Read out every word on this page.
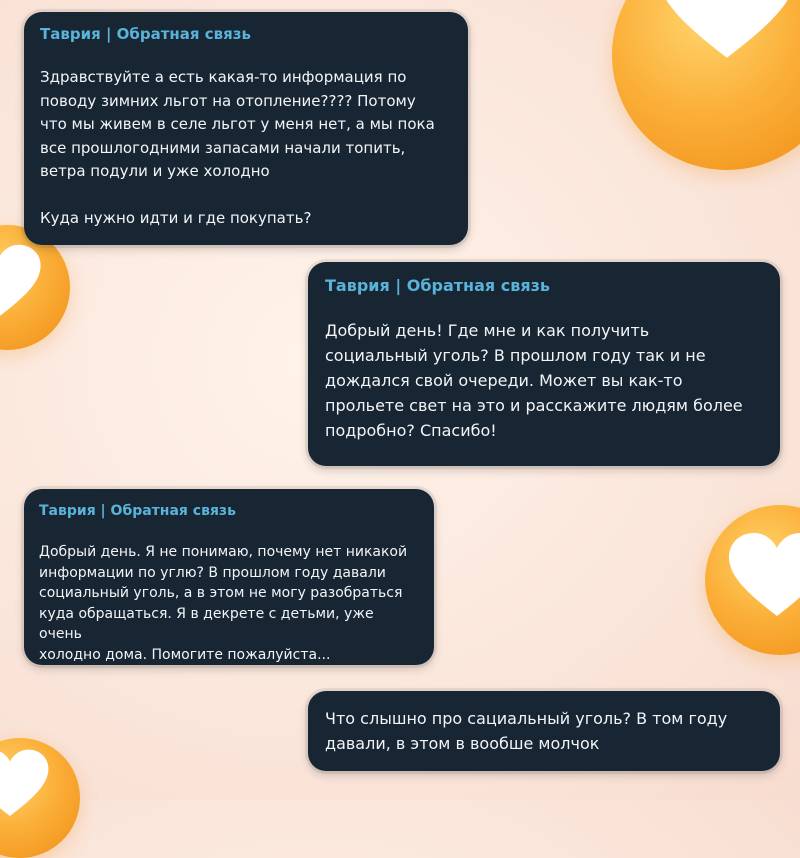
Таврия | Обратная связь
Здравствуйте а есть какая-то информация по
поводу зимних льгот на отопление???? Потому
что мы живем в селе льгот у меня нет, а мы пока
все прошлогодними запасами начали топить,
ветра подули и уже холодно

Куда нужно идти и где покупать?
Таврия | Обратная связь
Добрый день! Где мне и как получить
социальный уголь? В прошлом году так и не
дождался свой очереди. Может вы как-то
прольете свет на это и расскажите людям более
подробно? Спасибо!
Таврия | Обратная связь
Добрый день. Я не понимаю, почему нет никакой
информации по углю? В прошлом году давали
социальный уголь, а в этом не могу разобраться
куда обращаться. Я в декрете с детьми, уже очень
холодно дома. Помогите пожалуйста...
Что слышно про сациальный уголь? В том году
давали, в этом в вообше молчок
